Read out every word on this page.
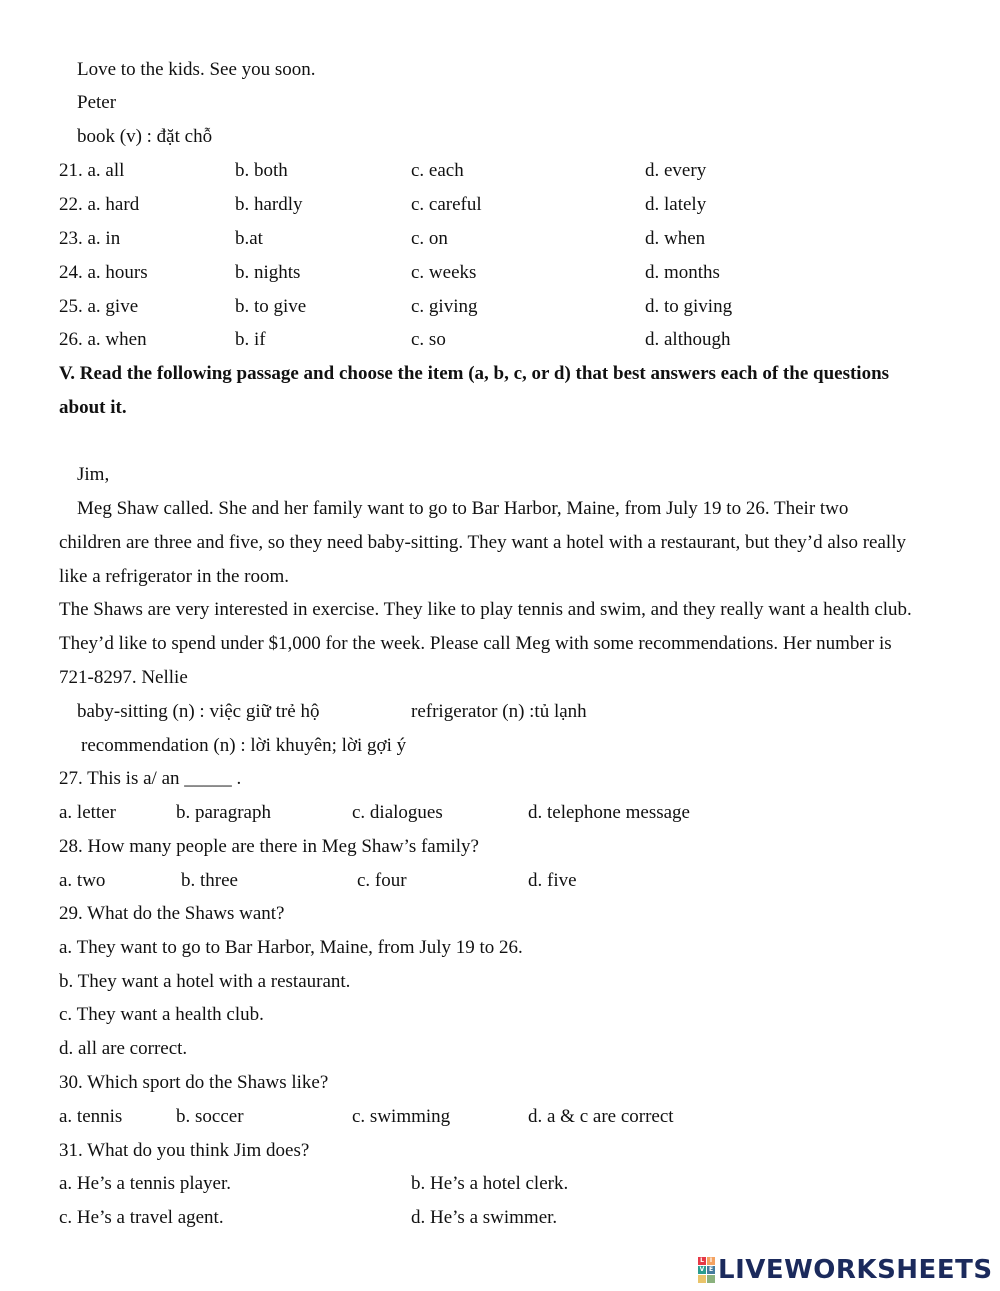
Love to the kids. See you soon.
Peter
book (v) : đặt chỗ
21. a. all	b. both	c. each	d. every
22. a. hard	b. hardly	c. careful	d. lately
23. a. in	b.at	c. on	d. when
24. a. hours	b. nights	c. weeks	d. months
25. a. give	b. to give	c. giving	d. to giving
26. a. when	b. if	c. so	d. although
V. Read the following passage and choose the item (a, b, c, or d) that best answers each of the questions
about it.
Jim,
Meg Shaw called. She and her family want to go to Bar Harbor, Maine, from July 19 to 26. Their two
children are three and five, so they need baby-sitting. They want a hotel with a restaurant, but they’d also really
like a refrigerator in the room.
The Shaws are very interested in exercise. They like to play tennis and swim, and they really want a health club.
They’d like to spend under $1,000 for the week. Please call Meg with some recommendations. Her number is
721-8297. Nellie
baby-sitting (n) : việc giữ trẻ hộ	refrigerator (n) :tủ lạnh
recommendation (n) : lời khuyên; lời gợi ý
27. This is a/ an _____ .
a. letter	b. paragraph	c. dialogues	d. telephone message
28. How many people are there in Meg Shaw’s family?
a. two	b. three	c. four	d. five
29. What do the Shaws want?
a. They want to go to Bar Harbor, Maine, from July 19 to 26.
b. They want a hotel with a restaurant.
c. They want a health club.
d. all are correct.
30. Which sport do the Shaws like?
a. tennis	b. soccer	c. swimming	d. a & c are correct
31. What do you think Jim does?
a. He’s a tennis player.	b. He’s a hotel clerk.
c. He’s a travel agent.	d. He’s a swimmer.
L I
V E LIVEWORKSHEETS
